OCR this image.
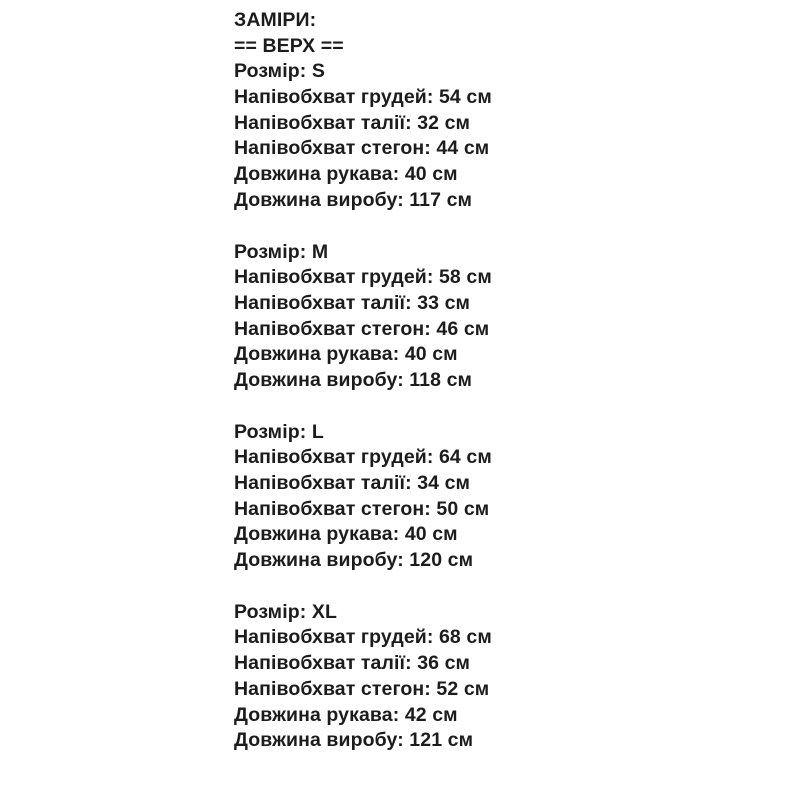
ЗАМІРИ:
== ВЕРХ ==
Розмір: S
Напівобхват грудей: 54 см
Напівобхват талії: 32 см
Напівобхват стегон: 44 см
Довжина рукава: 40 см
Довжина виробу: 117 см
Розмір: M
Напівобхват грудей: 58 см
Напівобхват талії: 33 см
Напівобхват стегон: 46 см
Довжина рукава: 40 см
Довжина виробу: 118 см
Розмір: L
Напівобхват грудей: 64 см
Напівобхват талії: 34 см
Напівобхват стегон: 50 см
Довжина рукава: 40 см
Довжина виробу: 120 см
Розмір: XL
Напівобхват грудей: 68 см
Напівобхват талії: 36 см
Напівобхват стегон: 52 см
Довжина рукава: 42 см
Довжина виробу: 121 см
